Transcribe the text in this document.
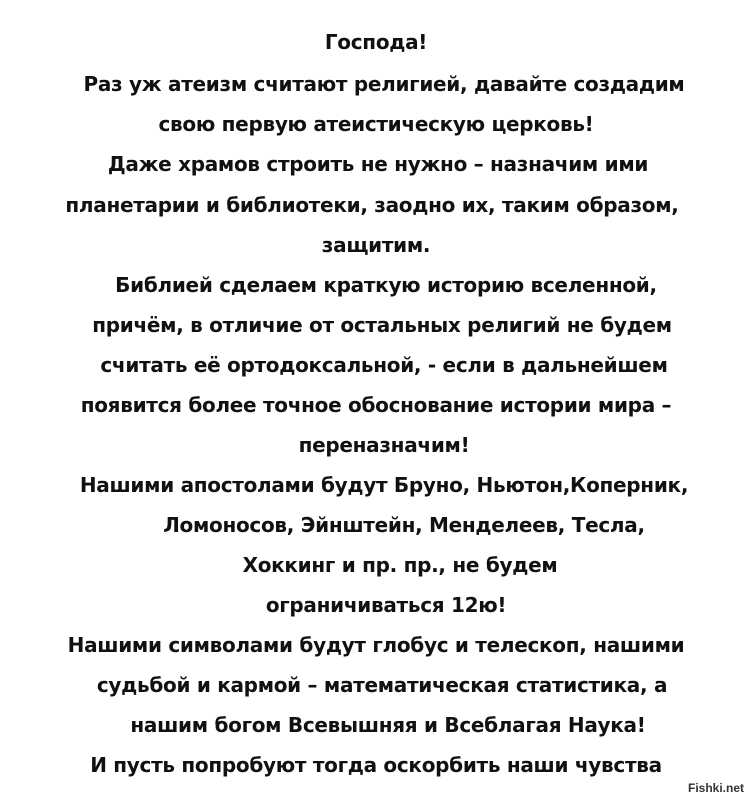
Господа!
Раз уж атеизм считают религией, давайте создадим
свою первую атеистическую церковь!
Даже храмов строить не нужно – назначим ими
планетарии и библиотеки, заодно их, таким образом,
защитим.
Библией сделаем краткую историю вселенной,
причём, в отличие от остальных религий не будем
считать её ортодоксальной, - если в дальнейшем
появится более точное обоснование истории мира –
переназначим!
Нашими апостолами будут Бруно, Ньютон,Коперник,
Ломоносов, Эйнштейн, Менделеев, Тесла,
Хоккинг и пр. пр., не будем
ограничиваться 12ю!
Нашими символами будут глобус и телескоп, нашими
судьбой и кармой – математическая статистика, а
нашим богом Всевышняя и Всеблагая Наука!
И пусть попробуют тогда оскорбить наши чувства
Fishki.net
